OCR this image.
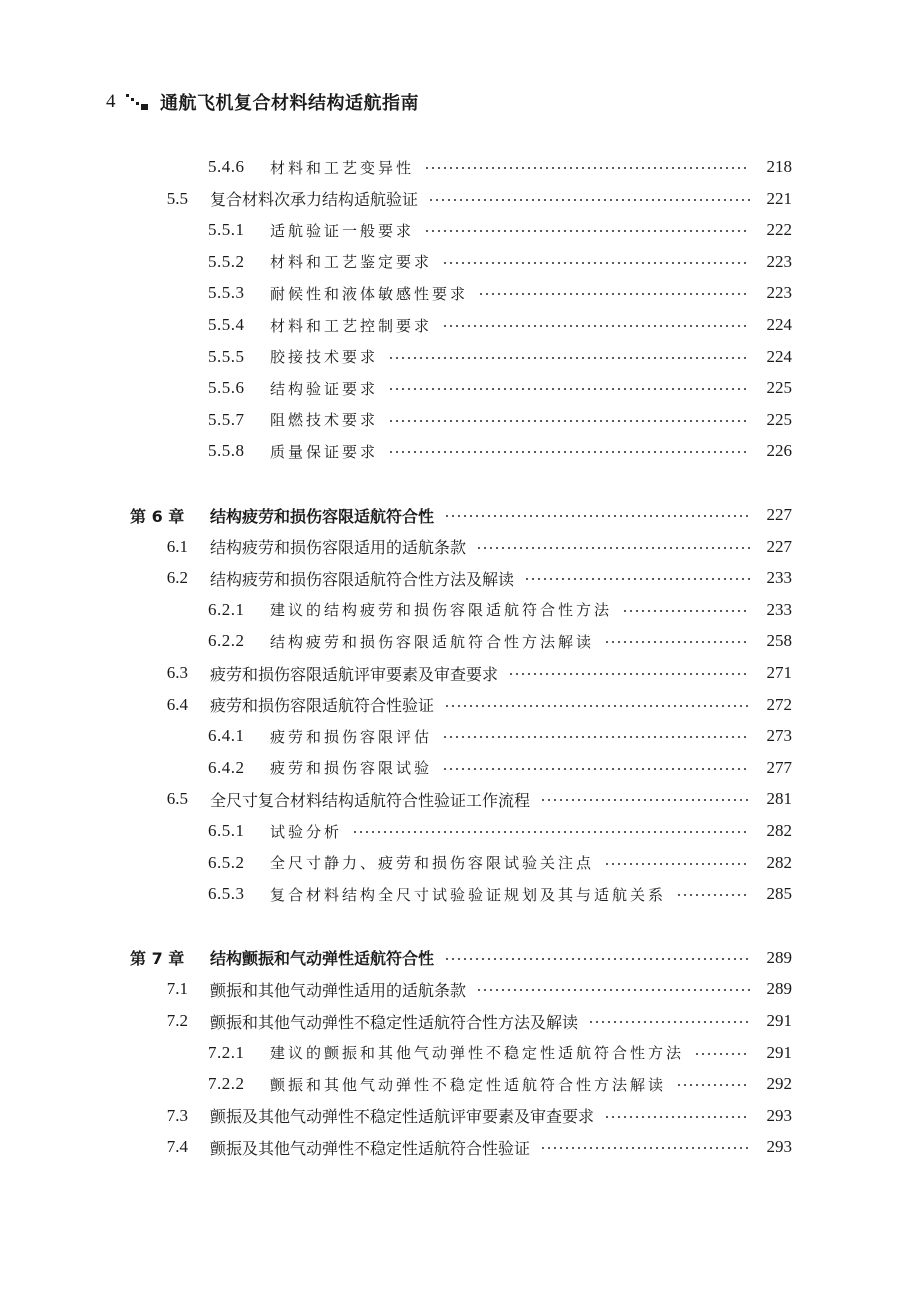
4	通航飞机复合材料结构适航指南
5.4.6	材料和工艺变异性	218
5.5 复合材料次承力结构适航验证	221
5.5.1	适航验证一般要求	222
5.5.2	材料和工艺鉴定要求	223
5.5.3	耐候性和液体敏感性要求	223
5.5.4	材料和工艺控制要求	224
5.5.5	胶接技术要求	224
5.5.6	结构验证要求	225
5.5.7	阻燃技术要求	225
5.5.8	质量保证要求	226
第 6 章	结构疲劳和损伤容限适航符合性	227
6.1 结构疲劳和损伤容限适用的适航条款	227
6.2 结构疲劳和损伤容限适航符合性方法及解读	233
6.2.1	建议的结构疲劳和损伤容限适航符合性方法	233
6.2.2	结构疲劳和损伤容限适航符合性方法解读	258
6.3 疲劳和损伤容限适航评审要素及审查要求	271
6.4 疲劳和损伤容限适航符合性验证	272
6.4.1	疲劳和损伤容限评估	273
6.4.2	疲劳和损伤容限试验	277
6.5 全尺寸复合材料结构适航符合性验证工作流程	281
6.5.1	试验分析	282
6.5.2	全尺寸静力、疲劳和损伤容限试验关注点	282
6.5.3	复合材料结构全尺寸试验验证规划及其与适航关系	285
第 7 章	结构颤振和气动弹性适航符合性	289
7.1 颤振和其他气动弹性适用的适航条款	289
7.2 颤振和其他气动弹性不稳定性适航符合性方法及解读	291
7.2.1	建议的颤振和其他气动弹性不稳定性适航符合性方法	291
7.2.2	颤振和其他气动弹性不稳定性适航符合性方法解读	292
7.3 颤振及其他气动弹性不稳定性适航评审要素及审查要求	293
7.4 颤振及其他气动弹性不稳定性适航符合性验证	293
